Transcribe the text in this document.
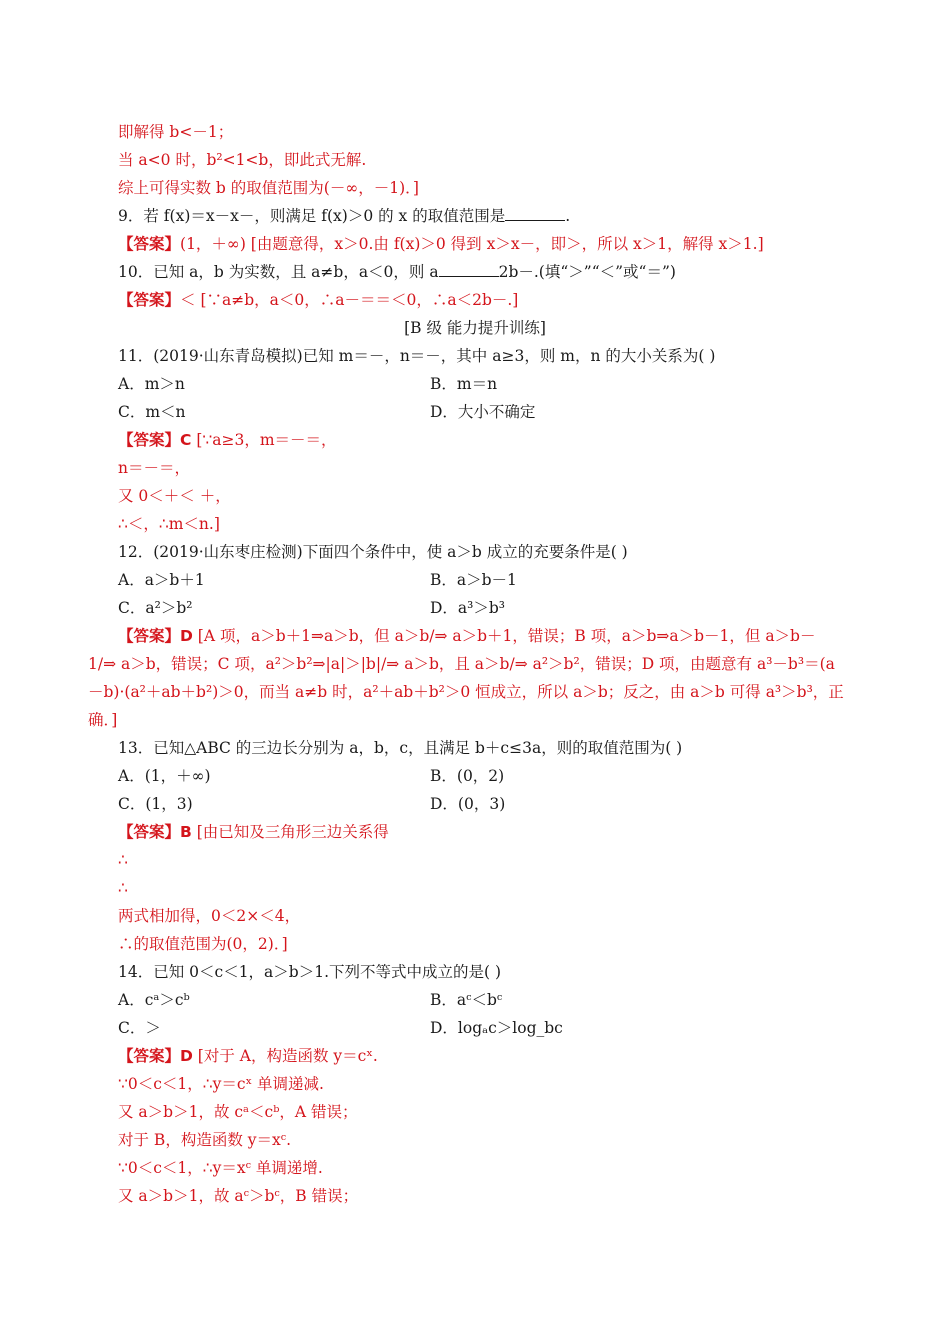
即解得 b<－1；
当 a<0 时，b²<1<b，即此式无解.
综上可得实数 b 的取值范围为(－∞，－1)．]
9．若 f(x)＝x－x－，则满足 f(x)＞0 的 x 的取值范围是	.
【答案】(1，＋∞) [由题意得，x＞0.由 f(x)＞0 得到 x＞x－，即＞，所以 x＞1，解得 x＞1.]
10．已知 a，b 为实数，且 a≠b，a＜0，则 a	2b－.(填“＞”“＜”或“＝”)
【答案】＜ [∵a≠b，a＜0，∴a－＝＝＜0，∴a＜2b－.]
[B 级 能力提升训练]
11．(2019·山东青岛模拟)已知 m＝－，n＝－，其中 a≥3，则 m，n 的大小关系为( )
A．m＞n	B．m＝n
C．m＜n	D．大小不确定
【答案】C [∵a≥3，m＝－＝，
n＝－＝，
又 0＜＋＜ ＋，
∴＜，∴m＜n.]
12．(2019·山东枣庄检测)下面四个条件中，使 a＞b 成立的充要条件是( )
A．a＞b＋1	B．a＞b－1
C．a²＞b²	D．a³＞b³
【答案】D [A 项，a＞b＋1⇒a＞b，但 a＞b/⇒ a＞b＋1，错误；B 项，a＞b⇒a＞b－1，但 a＞b－
1/⇒ a＞b，错误；C 项，a²＞b²⇒|a|＞|b|/⇒ a＞b，且 a＞b/⇒ a²＞b²，错误；D 项，由题意有 a³－b³＝(a
－b)·(a²＋ab＋b²)＞0，而当 a≠b 时，a²＋ab＋b²＞0 恒成立，所以 a＞b；反之，由 a＞b 可得 a³＞b³，正
确．]
13．已知△ABC 的三边长分别为 a，b，c，且满足 b＋c≤3a，则的取值范围为( )
A．(1，＋∞)	B．(0，2)
C．(1，3)	D．(0，3)
【答案】B [由已知及三角形三边关系得
∴
∴
两式相加得，0＜2×＜4，
∴的取值范围为(0，2)．]
14．已知 0＜c＜1，a＞b＞1.下列不等式中成立的是( )
A．cᵃ＞cᵇ	B．aᶜ＜bᶜ
C．＞	D．logₐc＞log_bc
【答案】D [对于 A，构造函数 y＝cˣ.
∵0＜c＜1，∴y＝cˣ 单调递减.
又 a＞b＞1，故 cᵃ＜cᵇ，A 错误；
对于 B，构造函数 y＝xᶜ.
∵0＜c＜1，∴y＝xᶜ 单调递增.
又 a＞b＞1，故 aᶜ＞bᶜ，B 错误；
